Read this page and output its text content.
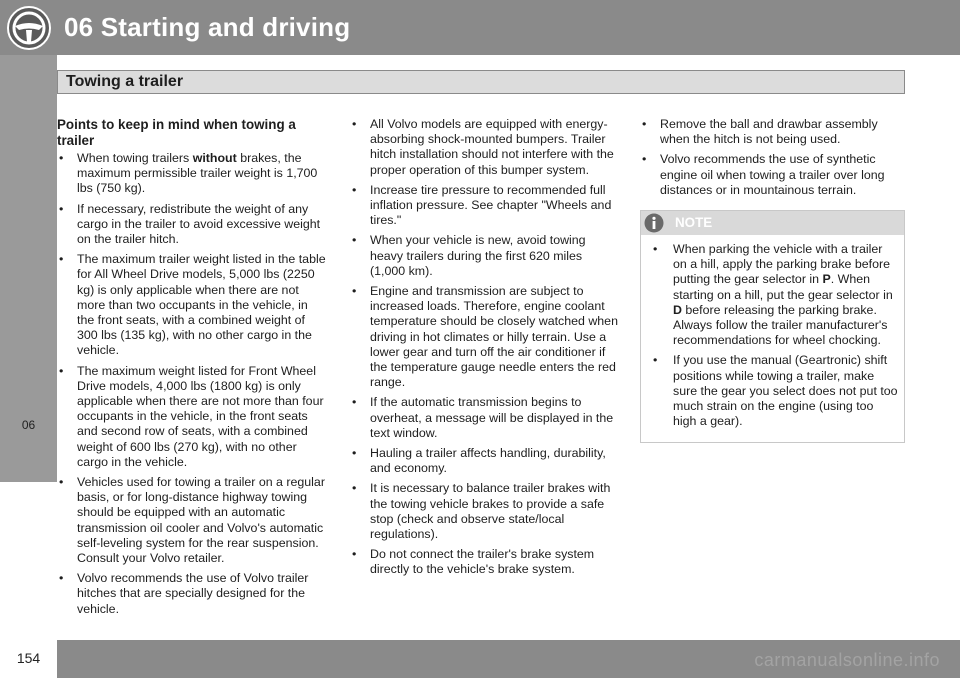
06
06 Starting and driving
Towing a trailer
Points to keep in mind when towing a trailer
• When towing trailers without brakes, the maximum permissible trailer weight is 1,700 lbs (750 kg).
• If necessary, redistribute the weight of any cargo in the trailer to avoid excessive weight on the trailer hitch.
• The maximum trailer weight listed in the table for All Wheel Drive models, 5,000 lbs (2250 kg) is only applicable when there are not more than two occupants in the vehicle, in the front seats, with a combined weight of 300 lbs (135 kg), with no other cargo in the vehicle.
• The maximum weight listed for Front Wheel Drive models, 4,000 lbs (1800 kg) is only applicable when there are not more than four occupants in the vehicle, in the front seats and second row of seats, with a combined weight of 600 lbs (270 kg), with no other cargo in the vehicle.
• Vehicles used for towing a trailer on a regular basis, or for long-distance highway towing should be equipped with an automatic transmission oil cooler and Volvo's automatic self-leveling system for the rear suspension. Consult your Volvo retailer.
• Volvo recommends the use of Volvo trailer hitches that are specially designed for the vehicle.
• All Volvo models are equipped with energy-absorbing shock-mounted bumpers. Trailer hitch installation should not interfere with the proper operation of this bumper system.
• Increase tire pressure to recommended full inflation pressure. See chapter "Wheels and tires."
• When your vehicle is new, avoid towing heavy trailers during the first 620 miles (1,000 km).
• Engine and transmission are subject to increased loads. Therefore, engine coolant temperature should be closely watched when driving in hot climates or hilly terrain. Use a lower gear and turn off the air conditioner if the temperature gauge needle enters the red range.
• If the automatic transmission begins to overheat, a message will be displayed in the text window.
• Hauling a trailer affects handling, durability, and economy.
• It is necessary to balance trailer brakes with the towing vehicle brakes to provide a safe stop (check and observe state/local regulations).
• Do not connect the trailer's brake system directly to the vehicle's brake system.
• Remove the ball and drawbar assembly when the hitch is not being used.
• Volvo recommends the use of synthetic engine oil when towing a trailer over long distances or in mountainous terrain.
NOTE
• When parking the vehicle with a trailer on a hill, apply the parking brake before putting the gear selector in P. When starting on a hill, put the gear selector in D before releasing the parking brake. Always follow the trailer manufacturer's recommendations for wheel chocking.
• If you use the manual (Geartronic) shift positions while towing a trailer, make sure the gear you select does not put too much strain on the engine (using too high a gear).
154	carmanualsonline.info
